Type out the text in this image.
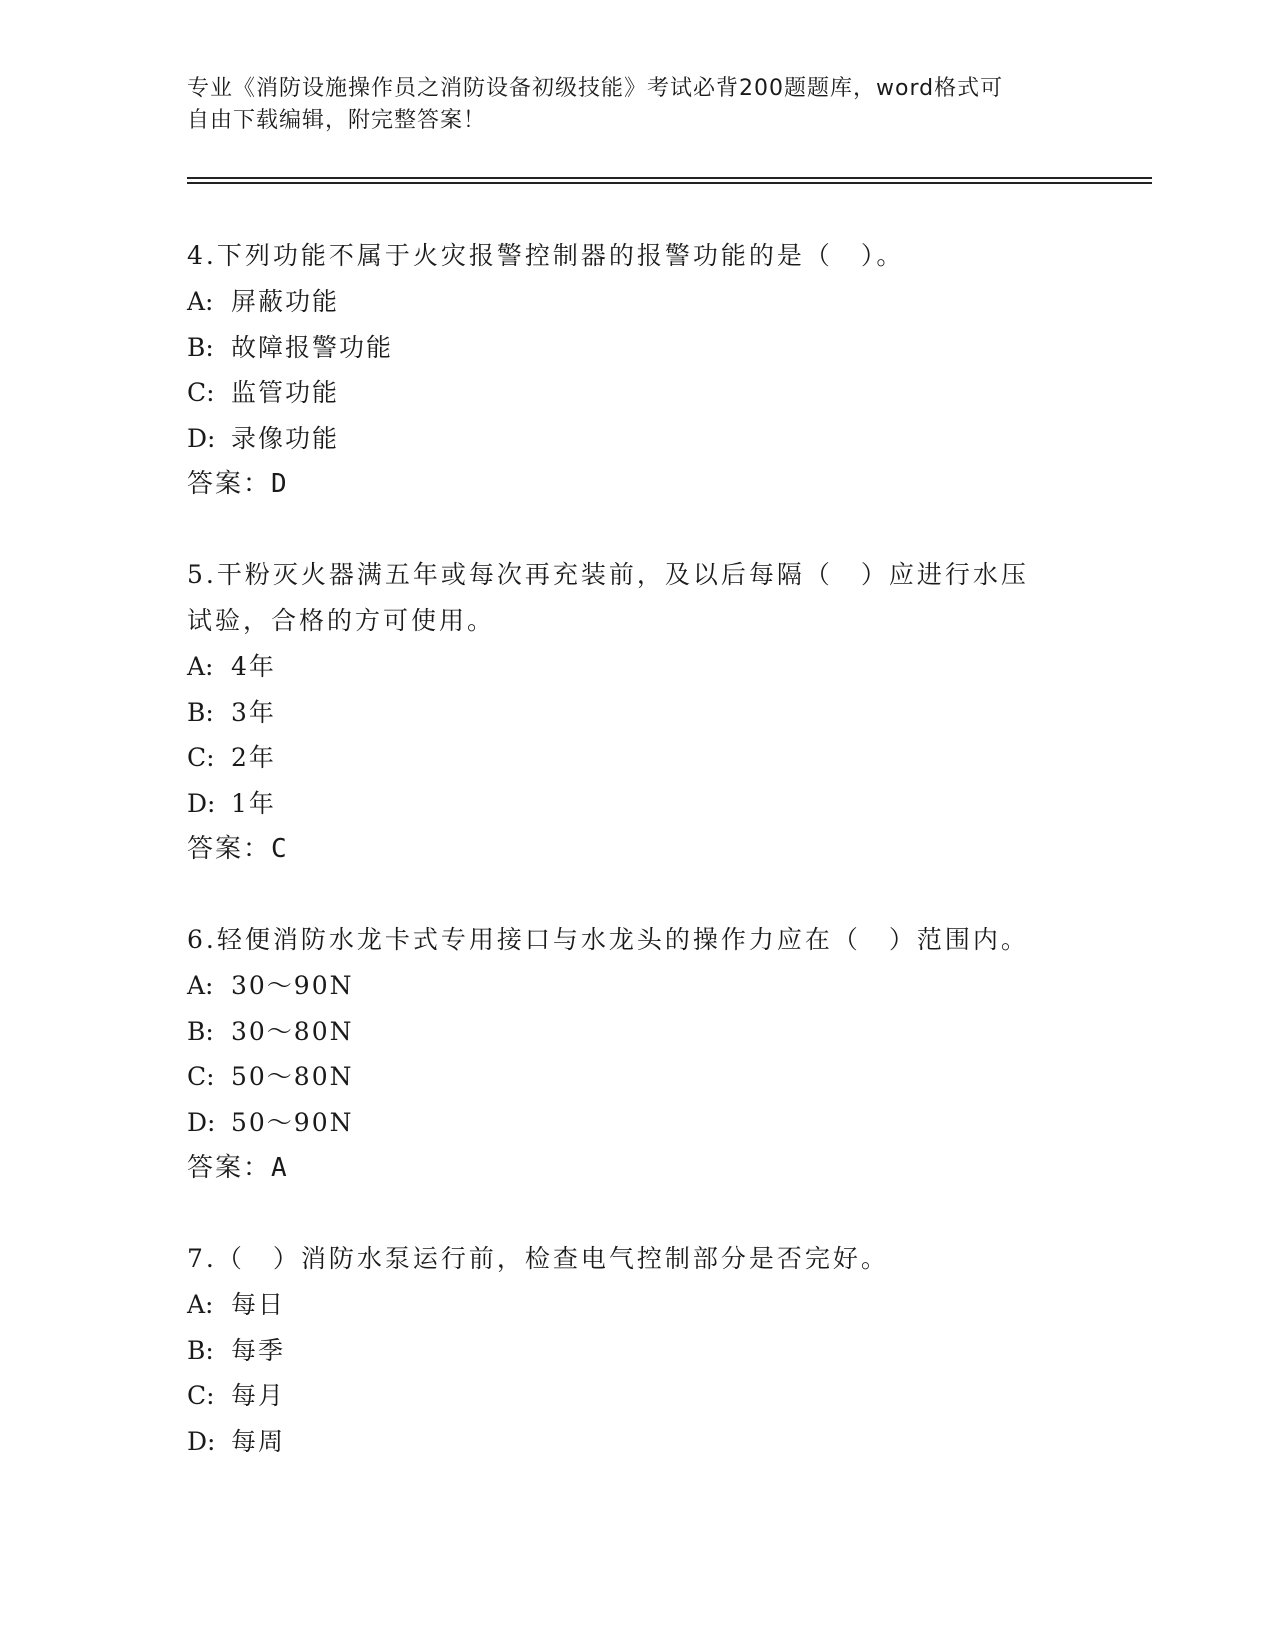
专业《消防设施操作员之消防设备初级技能》考试必背200题题库，word格式可
自由下载编辑，附完整答案！
4.下列功能不属于火灾报警控制器的报警功能的是（　）。
A: 屏蔽功能
B: 故障报警功能
C: 监管功能
D: 录像功能
答案：D
5.干粉灭火器满五年或每次再充装前，及以后每隔（　）应进行水压
试验，合格的方可使用。
A: 4年
B: 3年
C: 2年
D: 1年
答案：C
6.轻便消防水龙卡式专用接口与水龙头的操作力应在（　）范围内。
A: 30～90N
B: 30～80N
C: 50～80N
D: 50～90N
答案：A
7.（　）消防水泵运行前，检查电气控制部分是否完好。
A: 每日
B: 每季
C: 每月
D: 每周
